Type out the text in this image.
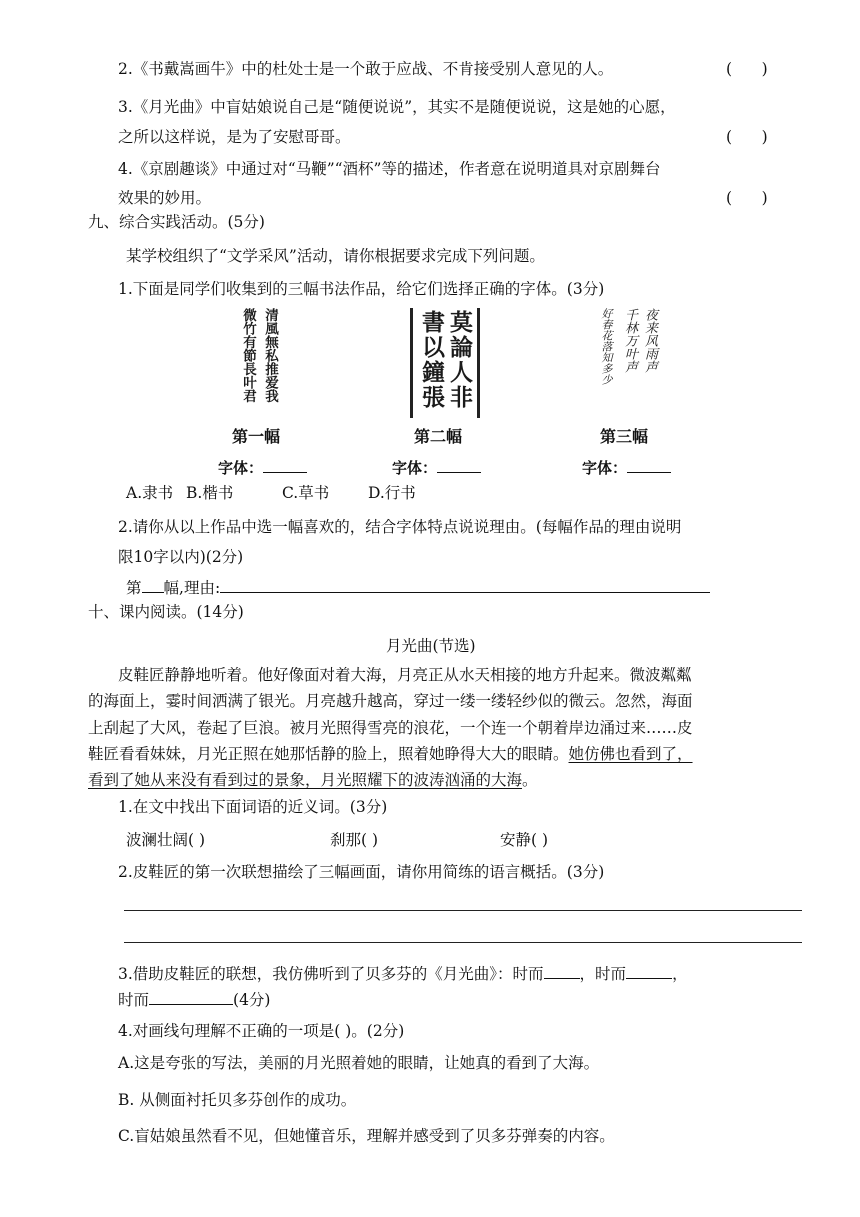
2.《书戴嵩画牛》中的杜处士是一个敢于应战、不肯接受别人意见的人。	(      )
3.《月光曲》中盲姑娘说自己是“随便说说”，其实不是随便说说，这是她的心愿，
之所以这样说，是为了安慰哥哥。	(      )
4.《京剧趣谈》中通过对“马鞭”“酒杯”等的描述，作者意在说明道具对京剧舞台
效果的妙用。	(      )
九、综合实践活动。(5分)
某学校组织了“文学采风”活动，请你根据要求完成下列问题。
1.下面是同学们收集到的三幅书法作品，给它们选择正确的字体。(3分)
清風無私推爱我
微竹有節長叶君
第一幅
字体：
莫論人非
書以鐘張
第二幅
字体：
夜来风雨声
千林万叶声
好春花落知多少
第三幅
字体：
A.隶书 B.楷书	C.草书	D.行书
2.请你从以上作品中选一幅喜欢的，结合字体特点说说理由。(每幅作品的理由说明
限10字以内)(2分)
第 幅,理由:
十、课内阅读。(14分)
月光曲(节选)
皮鞋匠静静地听着。他好像面对着大海，月亮正从水天相接的地方升起来。微波粼粼
的海面上，霎时间洒满了银光。月亮越升越高，穿过一缕一缕轻纱似的微云。忽然，海面
上刮起了大风，卷起了巨浪。被月光照得雪亮的浪花，一个连一个朝着岸边涌过来……皮
鞋匠看看妹妹，月光正照在她那恬静的脸上，照着她睁得大大的眼睛。她仿佛也看到了，
看到了她从来没有看到过的景象，月光照耀下的波涛汹涌的大海。
1.在文中找出下面词语的近义词。(3分)
波澜壮阔( )	刹那( )	安静( )
2.皮鞋匠的第一次联想描绘了三幅画面，请你用简练的语言概括。(3分)
3.借助皮鞋匠的联想，我仿佛听到了贝多芬的《月光曲》：时而 ，时而	，
时而	(4分)
4.对画线句理解不正确的一项是( )。(2分)
A.这是夸张的写法，美丽的月光照着她的眼睛，让她真的看到了大海。
B. 从侧面衬托贝多芬创作的成功。
C.盲姑娘虽然看不见，但她懂音乐，理解并感受到了贝多芬弹奏的内容。
